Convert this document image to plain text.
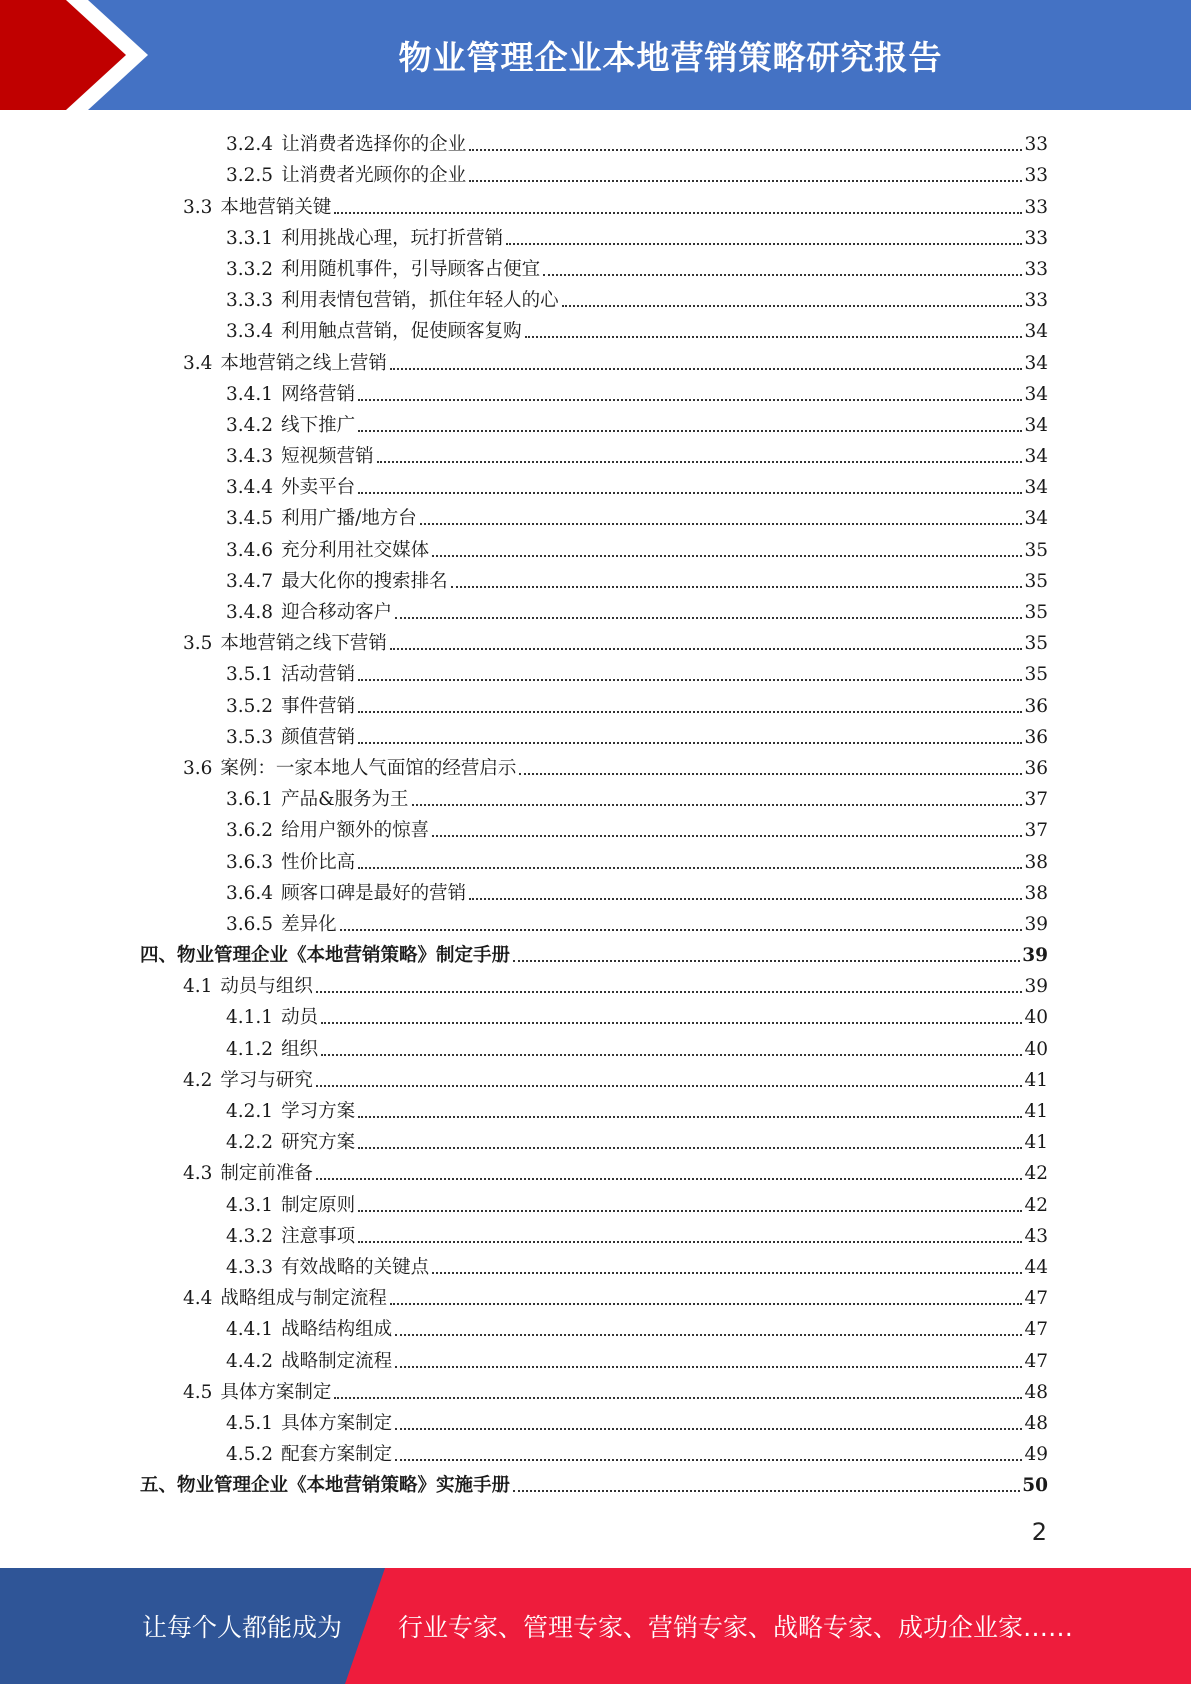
物业管理企业本地营销策略研究报告
3.2.4 让消费者选择你的企业	33
3.2.5 让消费者光顾你的企业	33
3.3 本地营销关键	33
3.3.1 利用挑战心理，玩打折营销	33
3.3.2 利用随机事件，引导顾客占便宜	33
3.3.3 利用表情包营销，抓住年轻人的心	33
3.3.4 利用触点营销，促使顾客复购	34
3.4 本地营销之线上营销	34
3.4.1 网络营销	34
3.4.2 线下推广	34
3.4.3 短视频营销	34
3.4.4 外卖平台	34
3.4.5 利用广播/地方台	34
3.4.6 充分利用社交媒体	35
3.4.7 最大化你的搜索排名	35
3.4.8 迎合移动客户	35
3.5 本地营销之线下营销	35
3.5.1 活动营销	35
3.5.2 事件营销	36
3.5.3 颜值营销	36
3.6 案例：一家本地人气面馆的经营启示	36
3.6.1 产品&服务为王	37
3.6.2 给用户额外的惊喜	37
3.6.3 性价比高	38
3.6.4 顾客口碑是最好的营销	38
3.6.5 差异化	39
四、物业管理企业《本地营销策略》制定手册	39
4.1 动员与组织	39
4.1.1 动员	40
4.1.2 组织	40
4.2 学习与研究	41
4.2.1 学习方案	41
4.2.2 研究方案	41
4.3 制定前准备	42
4.3.1 制定原则	42
4.3.2 注意事项	43
4.3.3 有效战略的关键点	44
4.4 战略组成与制定流程	47
4.4.1 战略结构组成	47
4.4.2 战略制定流程	47
4.5 具体方案制定	48
4.5.1 具体方案制定	48
4.5.2 配套方案制定	49
五、物业管理企业《本地营销策略》实施手册	50
2
让每个人都能成为 行业专家、管理专家、营销专家、战略专家、成功企业家……
